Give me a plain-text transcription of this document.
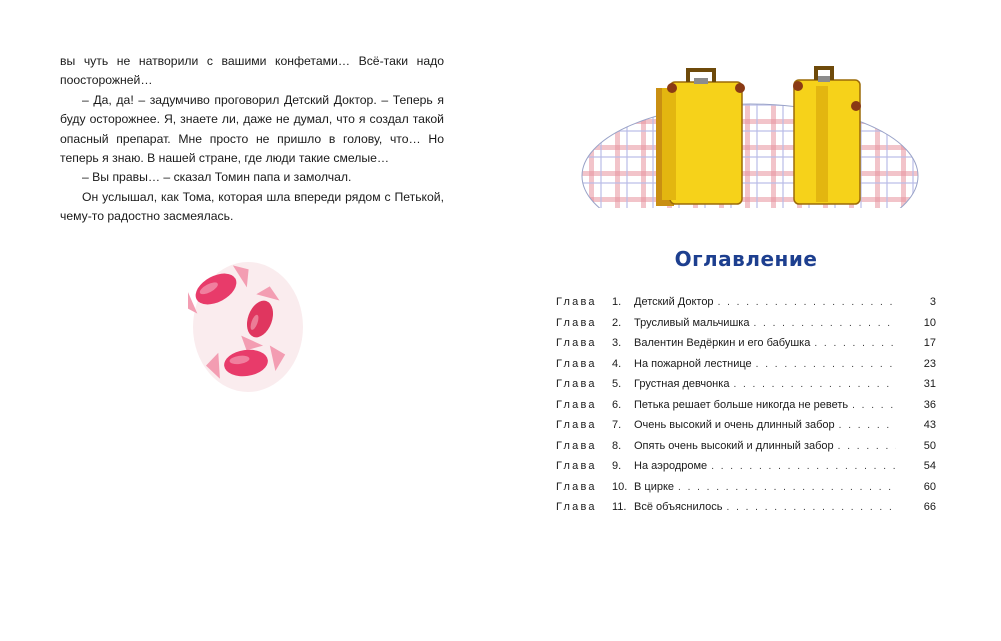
вы чуть не натворили с вашими конфетами… Всё-таки надо поосторожней…

– Да, да! – задумчиво проговорил Детский Доктор. – Теперь я буду осторожнее. Я, знаете ли, даже не думал, что я создал такой опасный препарат. Мне просто не пришло в голову, что… Но теперь я знаю. В нашей стране, где люди такие смелые…

– Вы правы… – сказал Томин папа и замолчал.

Он услышал, как Тома, которая шла впереди рядом с Петькой, чему-то радостно засмеялась.

Оглавление
Глава	1.	Детский Доктор . . .	3
Глава	2.	Трусливый мальчишка . . .	10
Глава	3.	Валентин Ведёркин и его бабушка . . .	17
Глава	4.	На пожарной лестнице . . .	23
Глава	5.	Грустная девчонка . . .	31
Глава	6.	Петька решает больше никогда не реветь . . .	36
Глава	7.	Очень высокий и очень длинный забор . . .	43
Глава	8.	Опять очень высокий и длинный забор . . .	50
Глава	9.	На аэродроме . . .	54
Глава	10. В цирке . . .	60
Глава	11. Всё объяснилось . . .	66
